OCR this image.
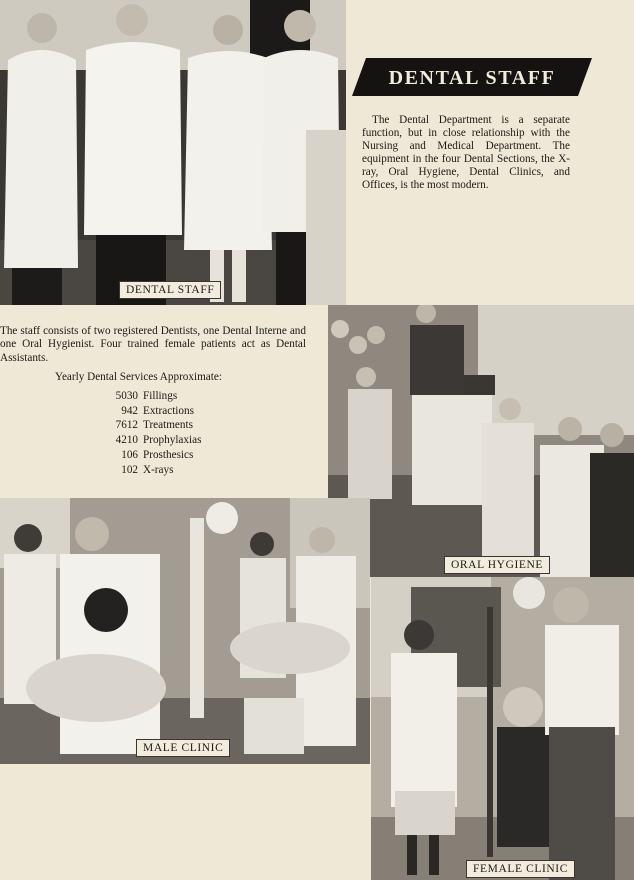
DENTAL STAFF
DENTAL STAFF
The Dental Department is a separate function, but in close relationship with the Nursing and Medical Department. The equipment in the four Dental Sections, the X-ray, Oral Hygiene, Dental Clinics, and Offices, is the most modern.
ORAL HYGIENE
The staff consists of two registered Dentists, one Dental Interne and one Oral Hygienist. Four trained female patients act as Dental Assistants.
Yearly Dental Services Approximate:
5030 Fillings
942 Extractions
7612 Treatments
4210 Prophylaxias
106 Prosthesics
102 X-rays
MALE CLINIC
FEMALE CLINIC
